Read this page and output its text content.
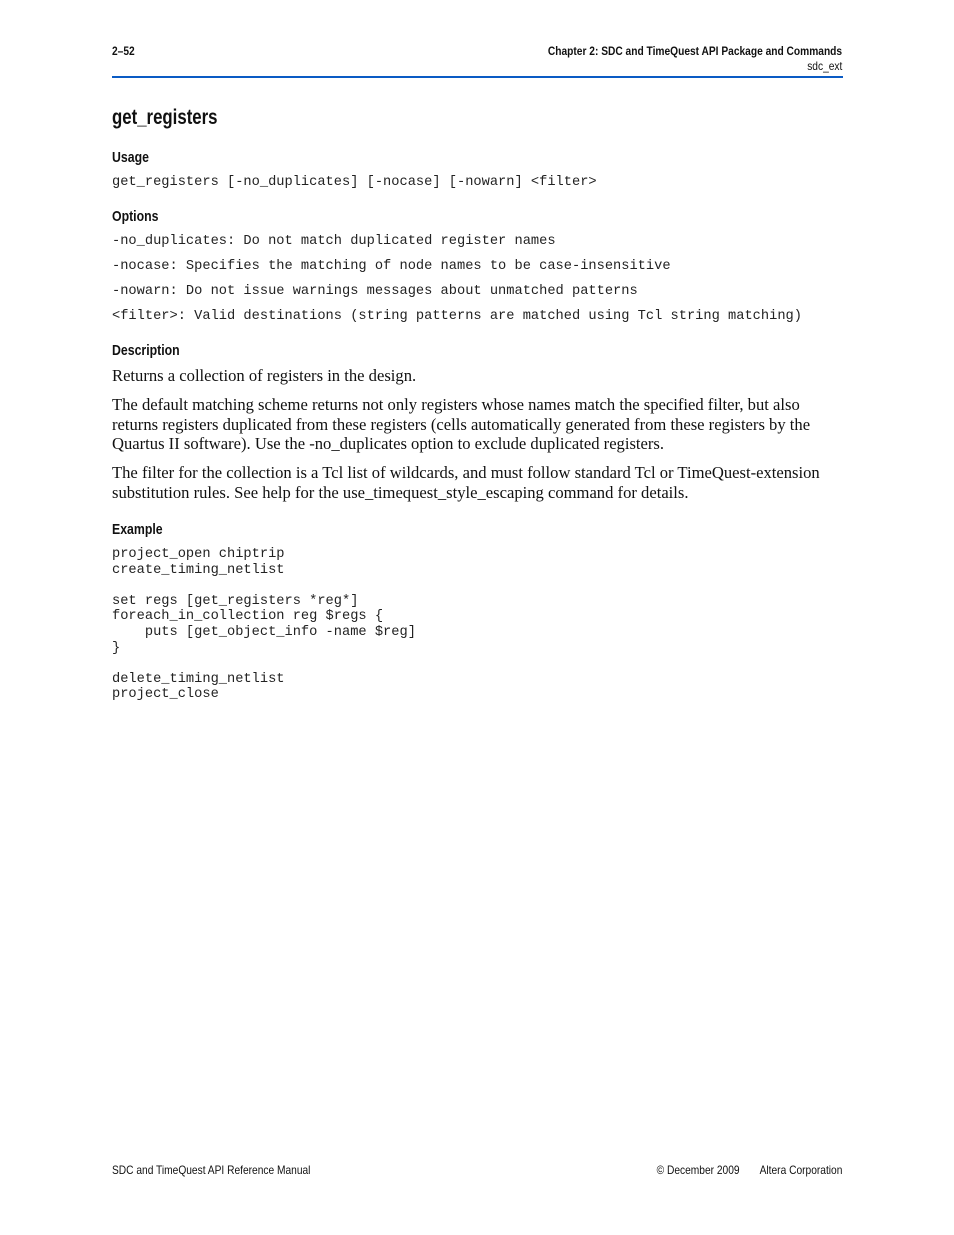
2–52	Chapter 2: SDC and TimeQuest API Package and Commands
sdc_ext
get_registers
Usage
get_registers [-no_duplicates] [-nocase] [-nowarn] <filter>
Options
-no_duplicates: Do not match duplicated register names
-nocase: Specifies the matching of node names to be case-insensitive
-nowarn: Do not issue warnings messages about unmatched patterns
<filter>: Valid destinations (string patterns are matched using Tcl string matching)
Description
Returns a collection of registers in the design.
The default matching scheme returns not only registers whose names match the specified filter, but also returns registers duplicated from these registers (cells automatically generated from these registers by the Quartus II software). Use the -no_duplicates option to exclude duplicated registers.
The filter for the collection is a Tcl list of wildcards, and must follow standard Tcl or TimeQuest-extension substitution rules. See help for the use_timequest_style_escaping command for details.
Example
project_open chiptrip
create_timing_netlist

set regs [get_registers *reg*]
foreach_in_collection reg $regs {
puts [get_object_info -name $reg]
}

delete_timing_netlist
project_close
SDC and TimeQuest API Reference Manual	© December 2009 Altera Corporation
